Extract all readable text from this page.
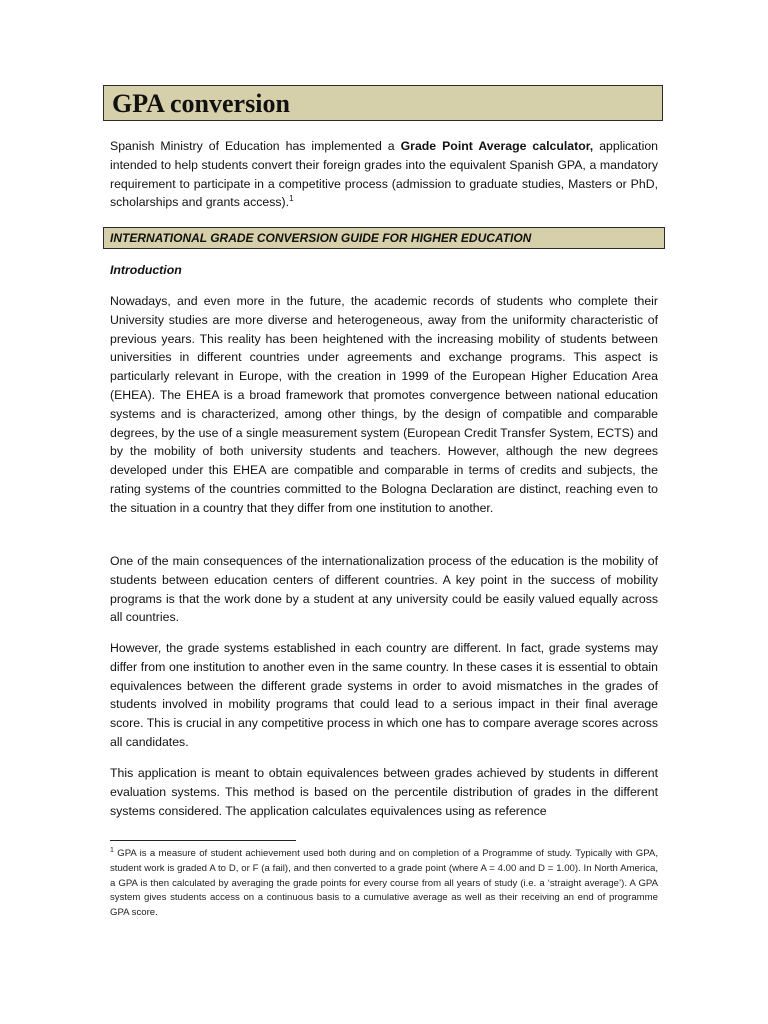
GPA conversion

Spanish Ministry of Education has implemented a Grade Point Average calculator, application intended to help students convert their foreign grades into the equivalent Spanish GPA, a mandatory requirement to participate in a competitive process (admission to graduate studies, Masters or PhD, scholarships and grants access).$^1$

INTERNATIONAL GRADE CONVERSION GUIDE FOR HIGHER EDUCATION

Introduction

Nowadays, and even more in the future, the academic records of students who complete their University studies are more diverse and heterogeneous, away from the uniformity characteristic of previous years. This reality has been heightened with the increasing mobility of students between universities in different countries under agreements and exchange programs. This aspect is particularly relevant in Europe, with the creation in 1999 of the European Higher Education Area (EHEA). The EHEA is a broad framework that promotes convergence between national education systems and is characterized, among other things, by the design of compatible and comparable degrees, by the use of a single measurement system (European Credit Transfer System, ECTS) and by the mobility of both university students and teachers. However, although the new degrees developed under this EHEA are compatible and comparable in terms of credits and subjects, the rating systems of the countries committed to the Bologna Declaration are distinct, reaching even to the situation in a country that they differ from one institution to another.

One of the main consequences of the internationalization process of the education is the mobility of students between education centers of different countries. A key point in the success of mobility programs is that the work done by a student at any university could be easily valued equally across all countries.

However, the grade systems established in each country are different. In fact, grade systems may differ from one institution to another even in the same country. In these cases it is essential to obtain equivalences between the different grade systems in order to avoid mismatches in the grades of students involved in mobility programs that could lead to a serious impact in their final average score. This is crucial in any competitive process in which one has to compare average scores across all candidates.

This application is meant to obtain equivalences between grades achieved by students in different evaluation systems. This method is based on the percentile distribution of grades in the different systems considered. The application calculates equivalences using as reference

$^1$ GPA is a measure of student achievement used both during and on completion of a Programme of study. Typically with GPA, student work is graded A to D, or F (a fail), and then converted to a grade point (where A = 4.00 and D = 1.00). In North America, a GPA is then calculated by averaging the grade points for every course from all years of study (i.e. a ‘straight average’). A GPA system gives students access on a continuous basis to a cumulative average as well as their receiving an end of programme GPA score.
